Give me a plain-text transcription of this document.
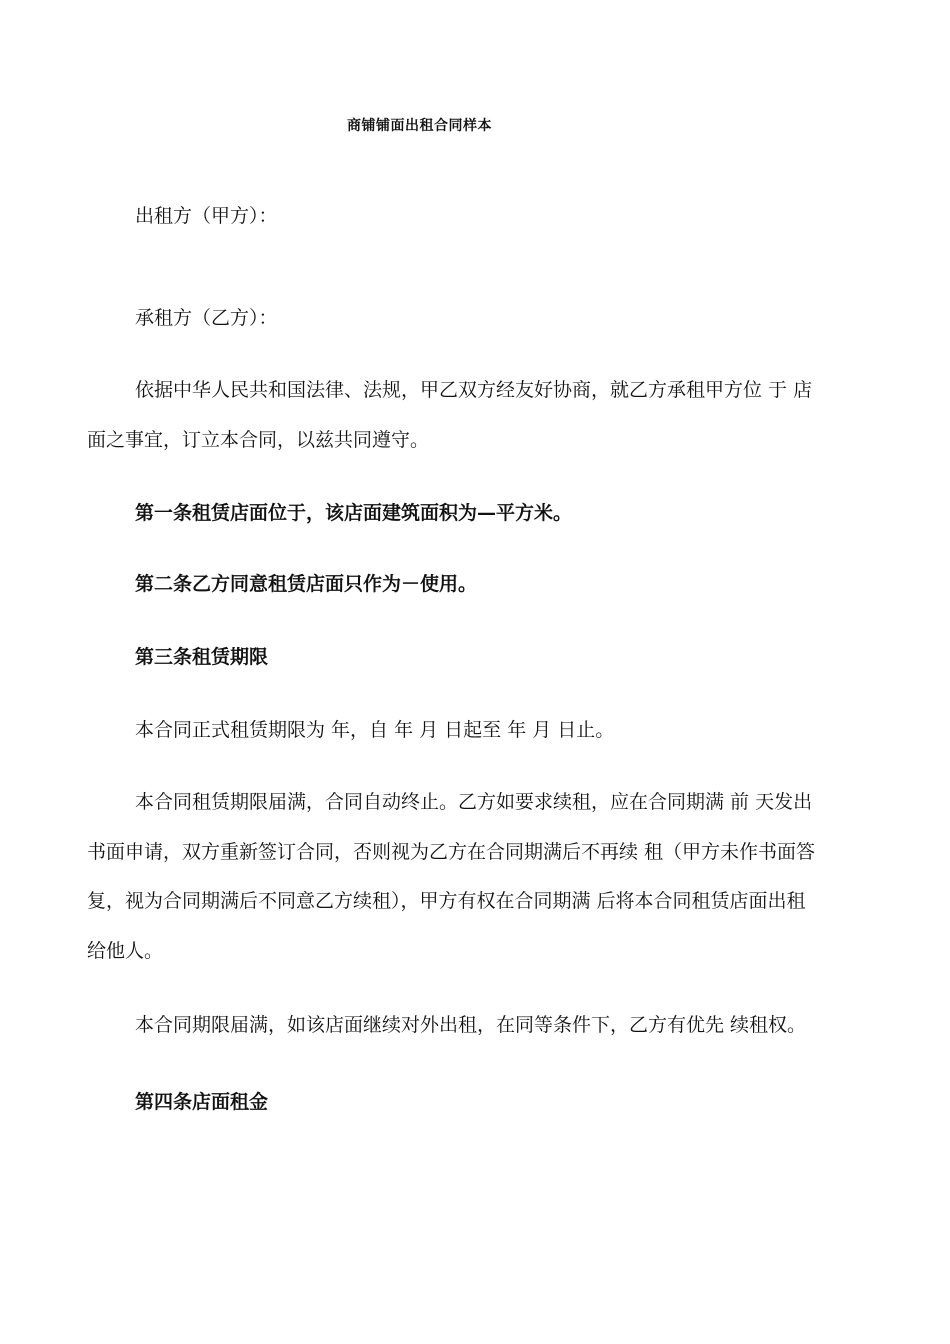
商铺铺面出租合同样本
出租方（甲方）：
承租方（乙方）：
依据中华人民共和国法律、法规，甲乙双方经友好协商，就乙方承租甲方位 于 店
面之事宜，订立本合同，以兹共同遵守。
第一条租赁店面位于，该店面建筑面积为—平方米。
第二条乙方同意租赁店面只作为－使用。
第三条租赁期限
本合同正式租赁期限为 年，自 年 月 日起至 年 月 日止。
本合同租赁期限届满，合同自动终止。乙方如要求续租，应在合同期满 前 天发出
书面申请，双方重新签订合同，否则视为乙方在合同期满后不再续 租（甲方未作书面答
复，视为合同期满后不同意乙方续租），甲方有权在合同期满 后将本合同租赁店面出租
给他人。
本合同期限届满，如该店面继续对外出租，在同等条件下，乙方有优先 续租权。
第四条店面租金
